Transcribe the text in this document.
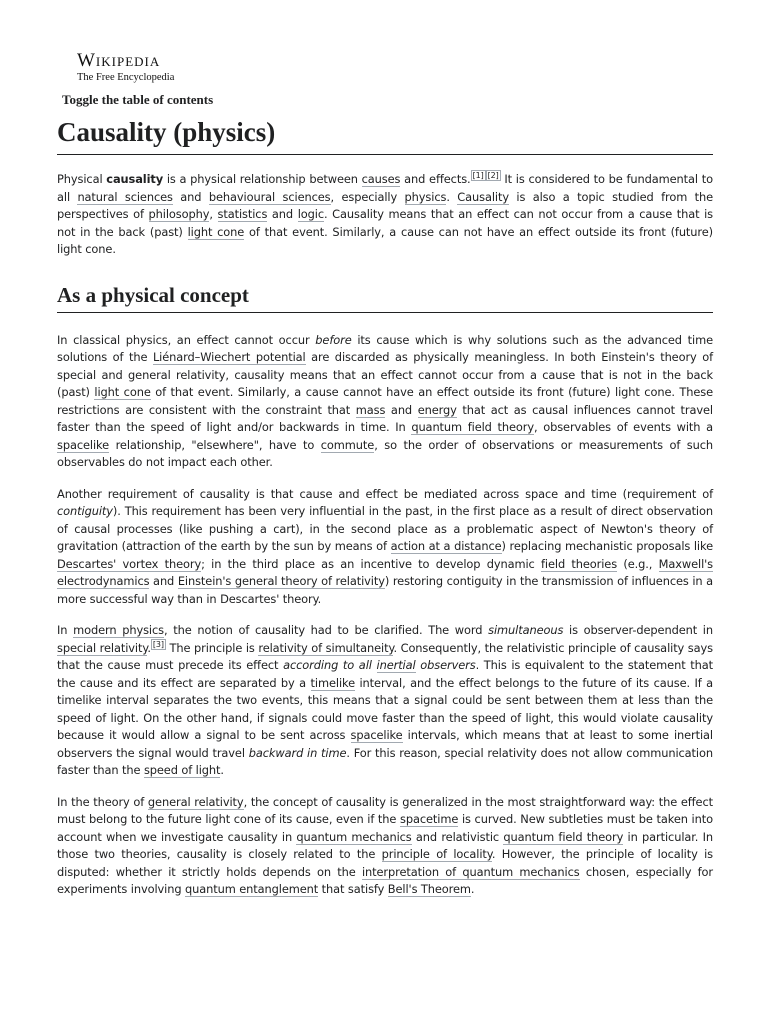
Wikipedia
The Free Encyclopedia
Toggle the table of contents
Causality (physics)

Physical causality is a physical relationship between causes and effects. [1] [2] It is considered to be fundamental to all natural sciences and behavioural sciences, especially physics. Causality is also a topic studied from the perspectives of philosophy, statistics and logic. Causality means that an effect can not occur from a cause that is not in the back (past) light cone of that event. Similarly, a cause can not have an effect outside its front (future) light cone.

As a physical concept

In classical physics, an effect cannot occur before its cause which is why solutions such as the advanced time solutions of the Liénard–Wiechert potential are discarded as physically meaningless. In both Einstein's theory of special and general relativity, causality means that an effect cannot occur from a cause that is not in the back (past) light cone of that event. Similarly, a cause cannot have an effect outside its front (future) light cone. These restrictions are consistent with the constraint that mass and energy that act as causal influences cannot travel faster than the speed of light and/or backwards in time. In quantum field theory, observables of events with a spacelike relationship, "elsewhere", have to commute, so the order of observations or measurements of such observables do not impact each other.

Another requirement of causality is that cause and effect be mediated across space and time (requirement of contiguity). This requirement has been very influential in the past, in the first place as a result of direct observation of causal processes (like pushing a cart), in the second place as a problematic aspect of Newton's theory of gravitation (attraction of the earth by the sun by means of action at a distance) replacing mechanistic proposals like Descartes' vortex theory; in the third place as an incentive to develop dynamic field theories (e.g., Maxwell's electrodynamics and Einstein's general theory of relativity) restoring contiguity in the transmission of influences in a more successful way than in Descartes' theory.

In modern physics, the notion of causality had to be clarified. The word simultaneous is observer-dependent in special relativity. [3] The principle is relativity of simultaneity. Consequently, the relativistic principle of causality says that the cause must precede its effect according to all inertial observers. This is equivalent to the statement that the cause and its effect are separated by a timelike interval, and the effect belongs to the future of its cause. If a timelike interval separates the two events, this means that a signal could be sent between them at less than the speed of light. On the other hand, if signals could move faster than the speed of light, this would violate causality because it would allow a signal to be sent across spacelike intervals, which means that at least to some inertial observers the signal would travel backward in time. For this reason, special relativity does not allow communication faster than the speed of light.

In the theory of general relativity, the concept of causality is generalized in the most straightforward way: the effect must belong to the future light cone of its cause, even if the spacetime is curved. New subtleties must be taken into account when we investigate causality in quantum mechanics and relativistic quantum field theory in particular. In those two theories, causality is closely related to the principle of locality. However, the principle of locality is disputed: whether it strictly holds depends on the interpretation of quantum mechanics chosen, especially for experiments involving quantum entanglement that satisfy Bell's Theorem.
